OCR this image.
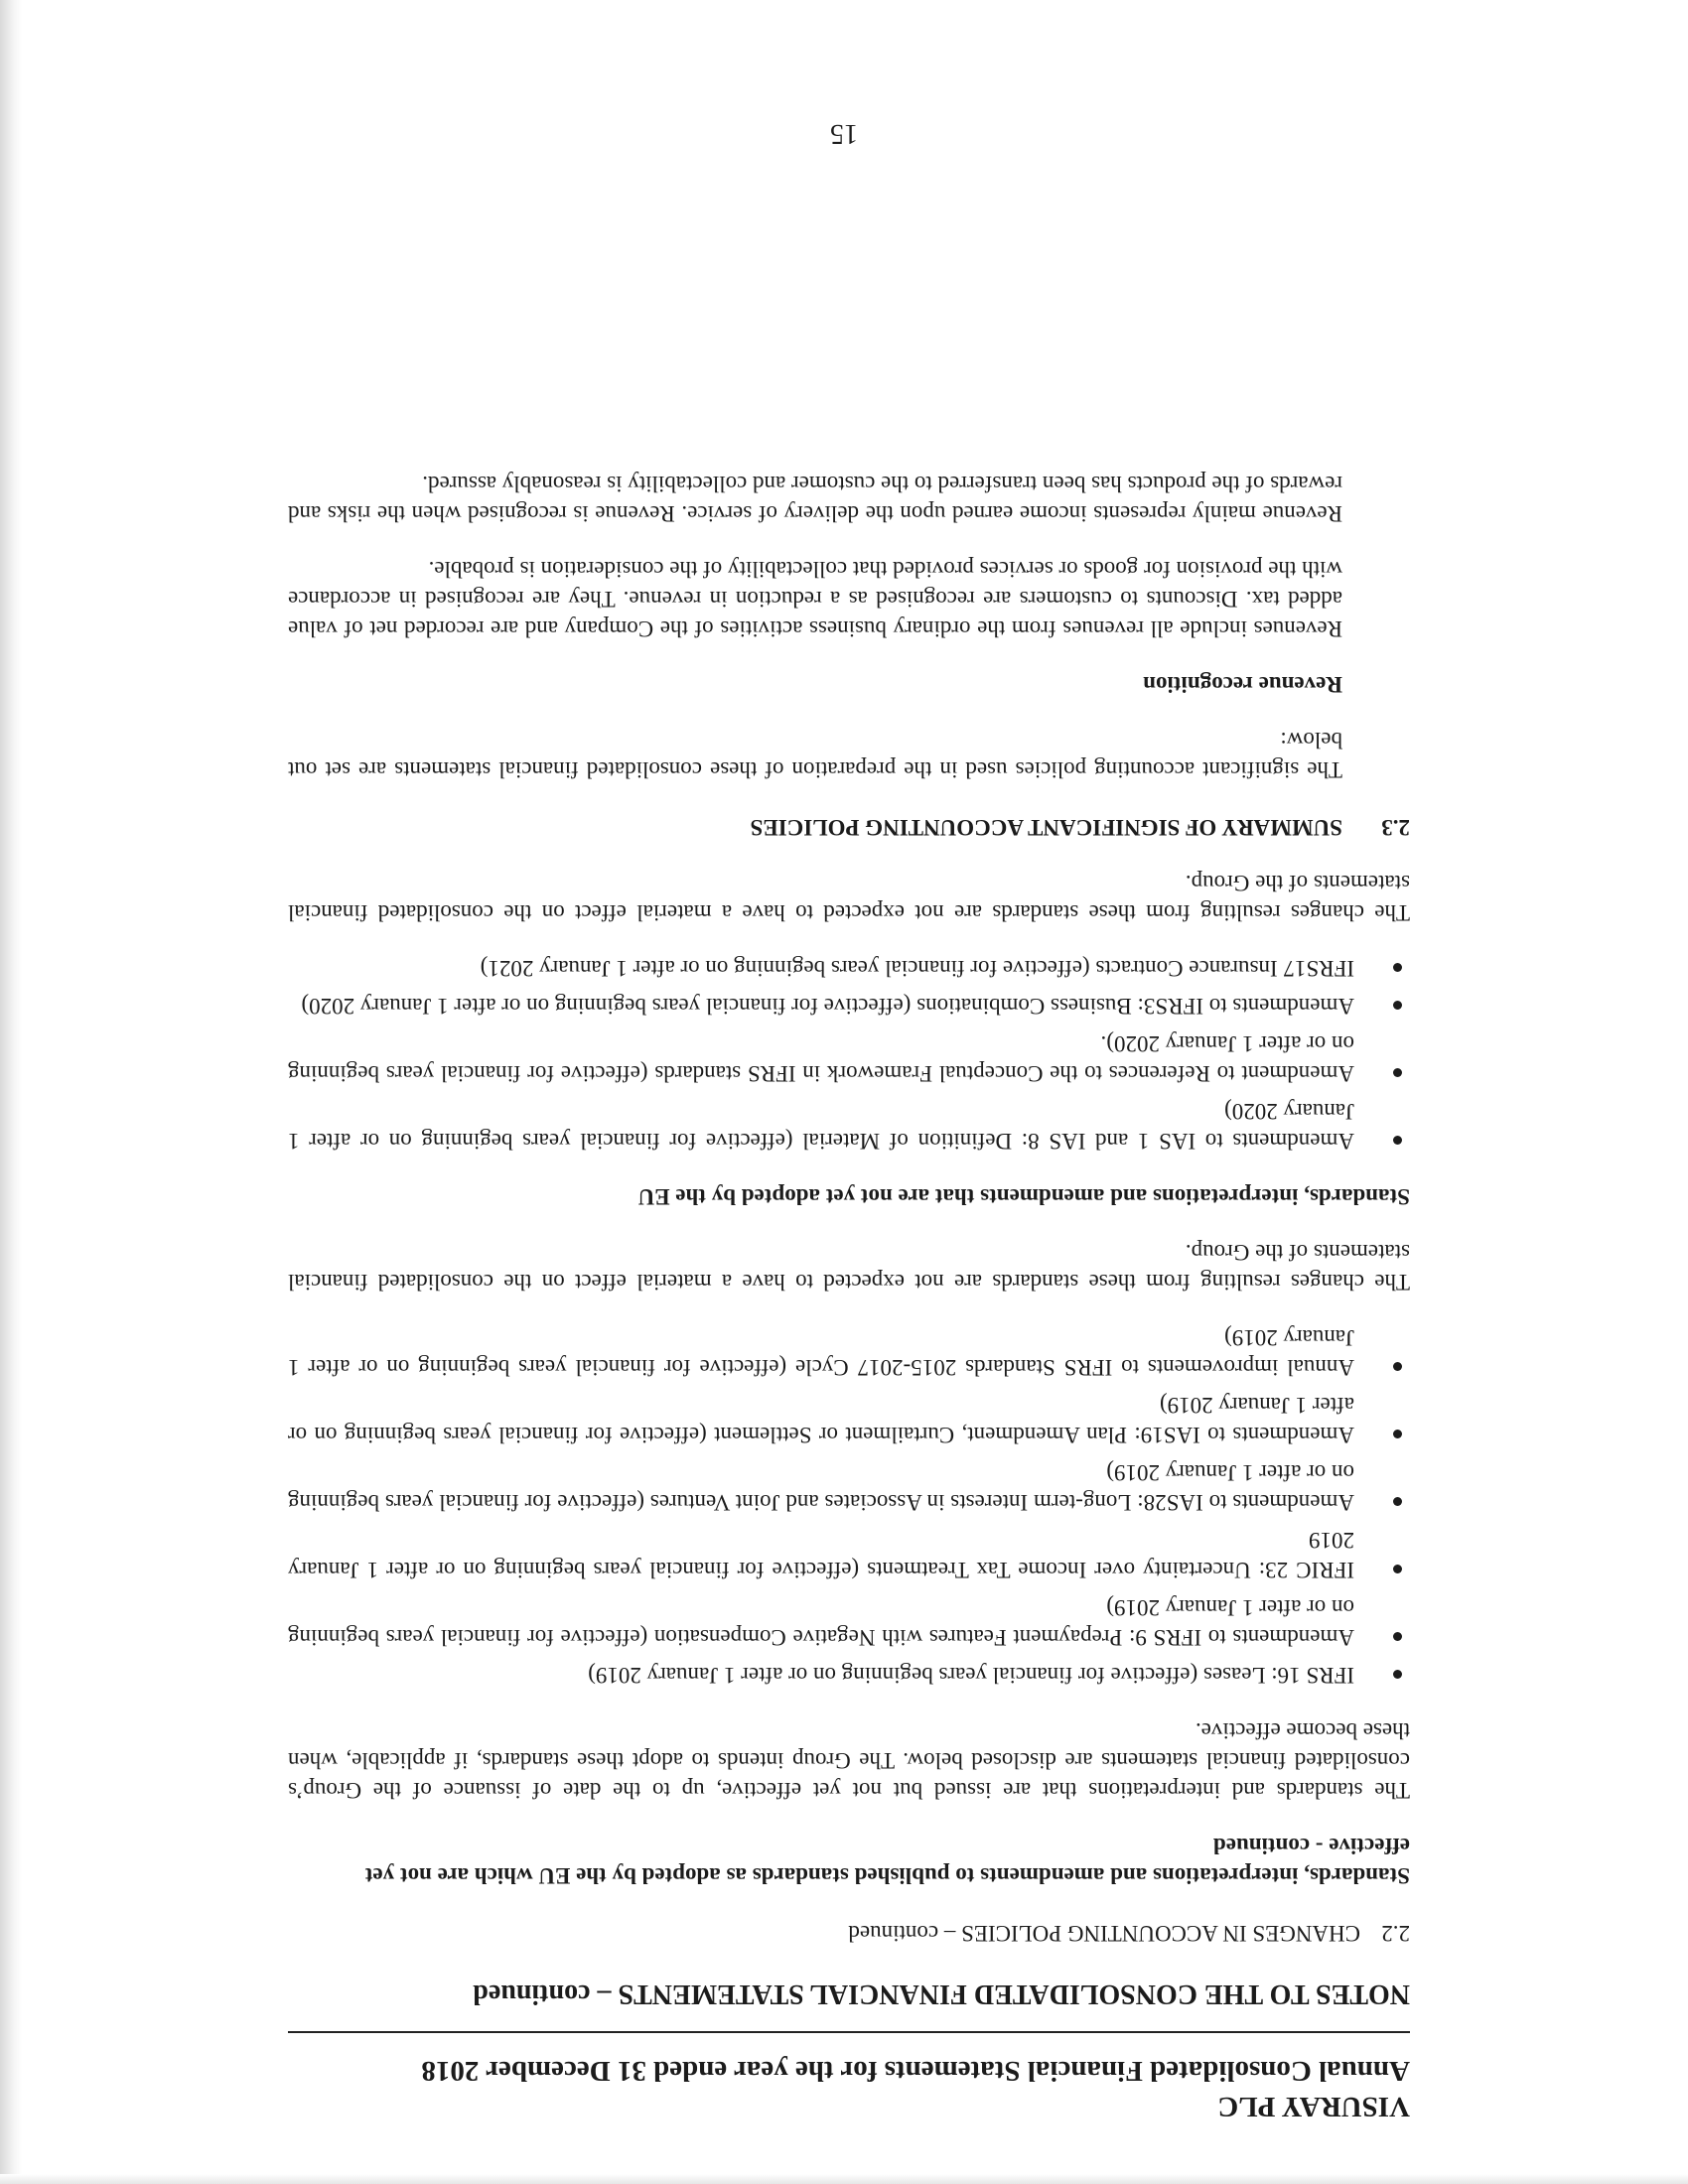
VISURAY PLC
Annual Consolidated Financial Statements for the year ended 31 December 2018
NOTES TO THE CONSOLIDATED FINANCIAL STATEMENTS – continued
2.2CHANGES IN ACCOUNTING POLICIES – continued
Standards, interpretations and amendments to published standards as adopted by the EU which are not yet effective - continued

The standards and interpretations that are issued but not yet effective, up to the date of issuance of the Group’s consolidated financial statements are disclosed below. The Group intends to adopt these standards, if applicable, when these become effective.

IFRS 16: Leases (effective for financial years beginning on or after 1 January 2019)
Amendments to IFRS 9: Prepayment Features with Negative Compensation (effective for financial years beginning on or after 1 January 2019)
IFRIC 23: Uncertainty over Income Tax Treatments (effective for financial years beginning on or after 1 January 2019
Amendments to IAS28: Long-term Interests in Associates and Joint Ventures (effective for financial years beginning on or after 1 January 2019)
Amendments to IAS19: Plan Amendment, Curtailment or Settlement (effective for financial years beginning on or after 1 January 2019)
Annual improvements to IFRS Standards 2015-2017 Cycle (effective for financial years beginning on or after 1 January 2019)

The changes resulting from these standards are not expected to have a material effect on the consolidated financial statements of the Group.

Standards, interpretations and amendments that are not yet adopted by the EU
Amendments to IAS 1 and IAS 8: Definition of Material (effective for financial years beginning on or after 1 January 2020)
Amendment to References to the Conceptual Framework in IFRS standards (effective for financial years beginning on or after 1 January 2020).
Amendments to IFRS3: Business Combinations (effective for financial years beginning on or after 1 January 2020)
IFRS17 Insurance Contracts (effective for financial years beginning on or after 1 January 2021)

The changes resulting from these standards are not expected to have a material effect on the consolidated financial statements of the Group.

2.3SUMMARY OF SIGNIFICANT ACCOUNTING POLICIES

The significant accounting policies used in the preparation of these consolidated financial statements are set out below:

Revenue recognition

Revenues include all revenues from the ordinary business activities of the Company and are recorded net of value added tax. Discounts to customers are recognised as a reduction in revenue. They are recognised in accordance with the provision for goods or services provided that collectability of the consideration is probable.

Revenue mainly represents income earned upon the delivery of service. Revenue is recognised when the risks and rewards of the products has been transferred to the customer and collectability is reasonably assured.

15
